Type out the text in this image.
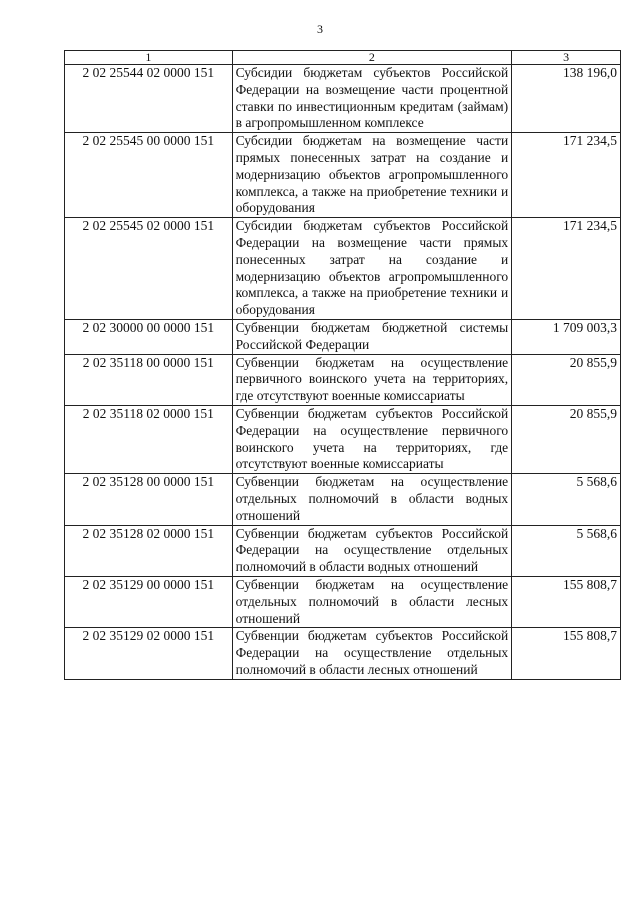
3
1	2	3
2 02 25544 02 0000 151	Субсидии бюджетам субъектов Российской Федерации на возмещение части процентной ставки по инвестиционным кредитам (займам) в агропромышленном комплексе	138 196,0
2 02 25545 00 0000 151	Субсидии бюджетам на возмещение части прямых понесенных затрат на создание и модернизацию объектов агропромышленного комплекса, а также на приобретение техники и оборудования	171 234,5
2 02 25545 02 0000 151	Субсидии бюджетам субъектов Российской Федерации на возмещение части прямых понесенных затрат на создание и модернизацию объектов агропромышленного комплекса, а также на приобретение техники и оборудования	171 234,5
2 02 30000 00 0000 151	Субвенции бюджетам бюджетной системы Российской Федерации	1 709 003,3
2 02 35118 00 0000 151	Субвенции бюджетам на осуществление первичного воинского учета на территориях, где отсутствуют военные комиссариаты	20 855,9
2 02 35118 02 0000 151	Субвенции бюджетам субъектов Российской Федерации на осуществление первичного воинского учета на территориях, где отсутствуют военные комиссариаты	20 855,9
2 02 35128 00 0000 151	Субвенции бюджетам на осуществление отдельных полномочий в области водных отношений	5 568,6
2 02 35128 02 0000 151	Субвенции бюджетам субъектов Российской Федерации на осуществление отдельных полномочий в области водных отношений	5 568,6
2 02 35129 00 0000 151	Субвенции бюджетам на осуществление отдельных полномочий в области лесных отношений	155 808,7
2 02 35129 02 0000 151	Субвенции бюджетам субъектов Российской Федерации на осуществление отдельных полномочий в области лесных отношений	155 808,7
